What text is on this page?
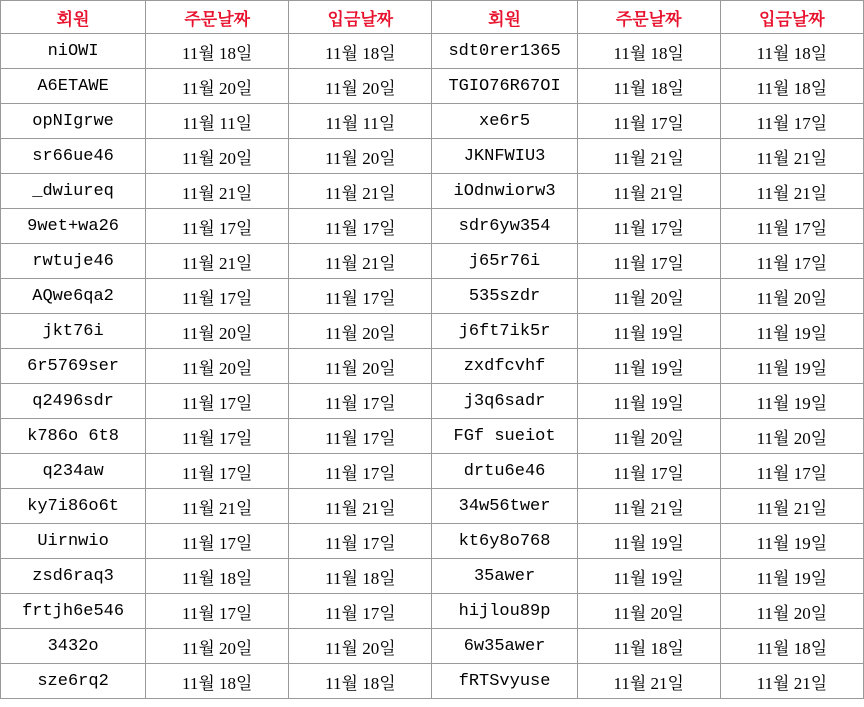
회원	주문날짜	입금날짜	회원	주문날짜	입금날짜
niOWI	11월 18일	11월 18일	sdt0rer1365	11월 18일	11월 18일
A6ETAWE	11월 20일	11월 20일	TGIO76R67OI	11월 18일	11월 18일
opNIgrwe	11월 11일	11월 11일	xe6r5	11월 17일	11월 17일
sr66ue46	11월 20일	11월 20일	JKNFWIU3	11월 21일	11월 21일
_dwiureq	11월 21일	11월 21일	iOdnwiorw3	11월 21일	11월 21일
9wet+wa26	11월 17일	11월 17일	sdr6yw354	11월 17일	11월 17일
rwtuje46	11월 21일	11월 21일	j65r76i	11월 17일	11월 17일
AQwe6qa2	11월 17일	11월 17일	535szdr	11월 20일	11월 20일
jkt76i	11월 20일	11월 20일	j6ft7ik5r	11월 19일	11월 19일
6r5769ser	11월 20일	11월 20일	zxdfcvhf	11월 19일	11월 19일
q2496sdr	11월 17일	11월 17일	j3q6sadr	11월 19일	11월 19일
k786o 6t8	11월 17일	11월 17일	FGf sueiot	11월 20일	11월 20일
q234aw	11월 17일	11월 17일	drtu6e46	11월 17일	11월 17일
ky7i86o6t	11월 21일	11월 21일	34w56twer	11월 21일	11월 21일
Uirnwio	11월 17일	11월 17일	kt6y8o768	11월 19일	11월 19일
zsd6raq3	11월 18일	11월 18일	35awer	11월 19일	11월 19일
frtjh6e546	11월 17일	11월 17일	hijlou89p	11월 20일	11월 20일
3432o	11월 20일	11월 20일	6w35awer	11월 18일	11월 18일
sze6rq2	11월 18일	11월 18일	fRTSvyuse	11월 21일	11월 21일
